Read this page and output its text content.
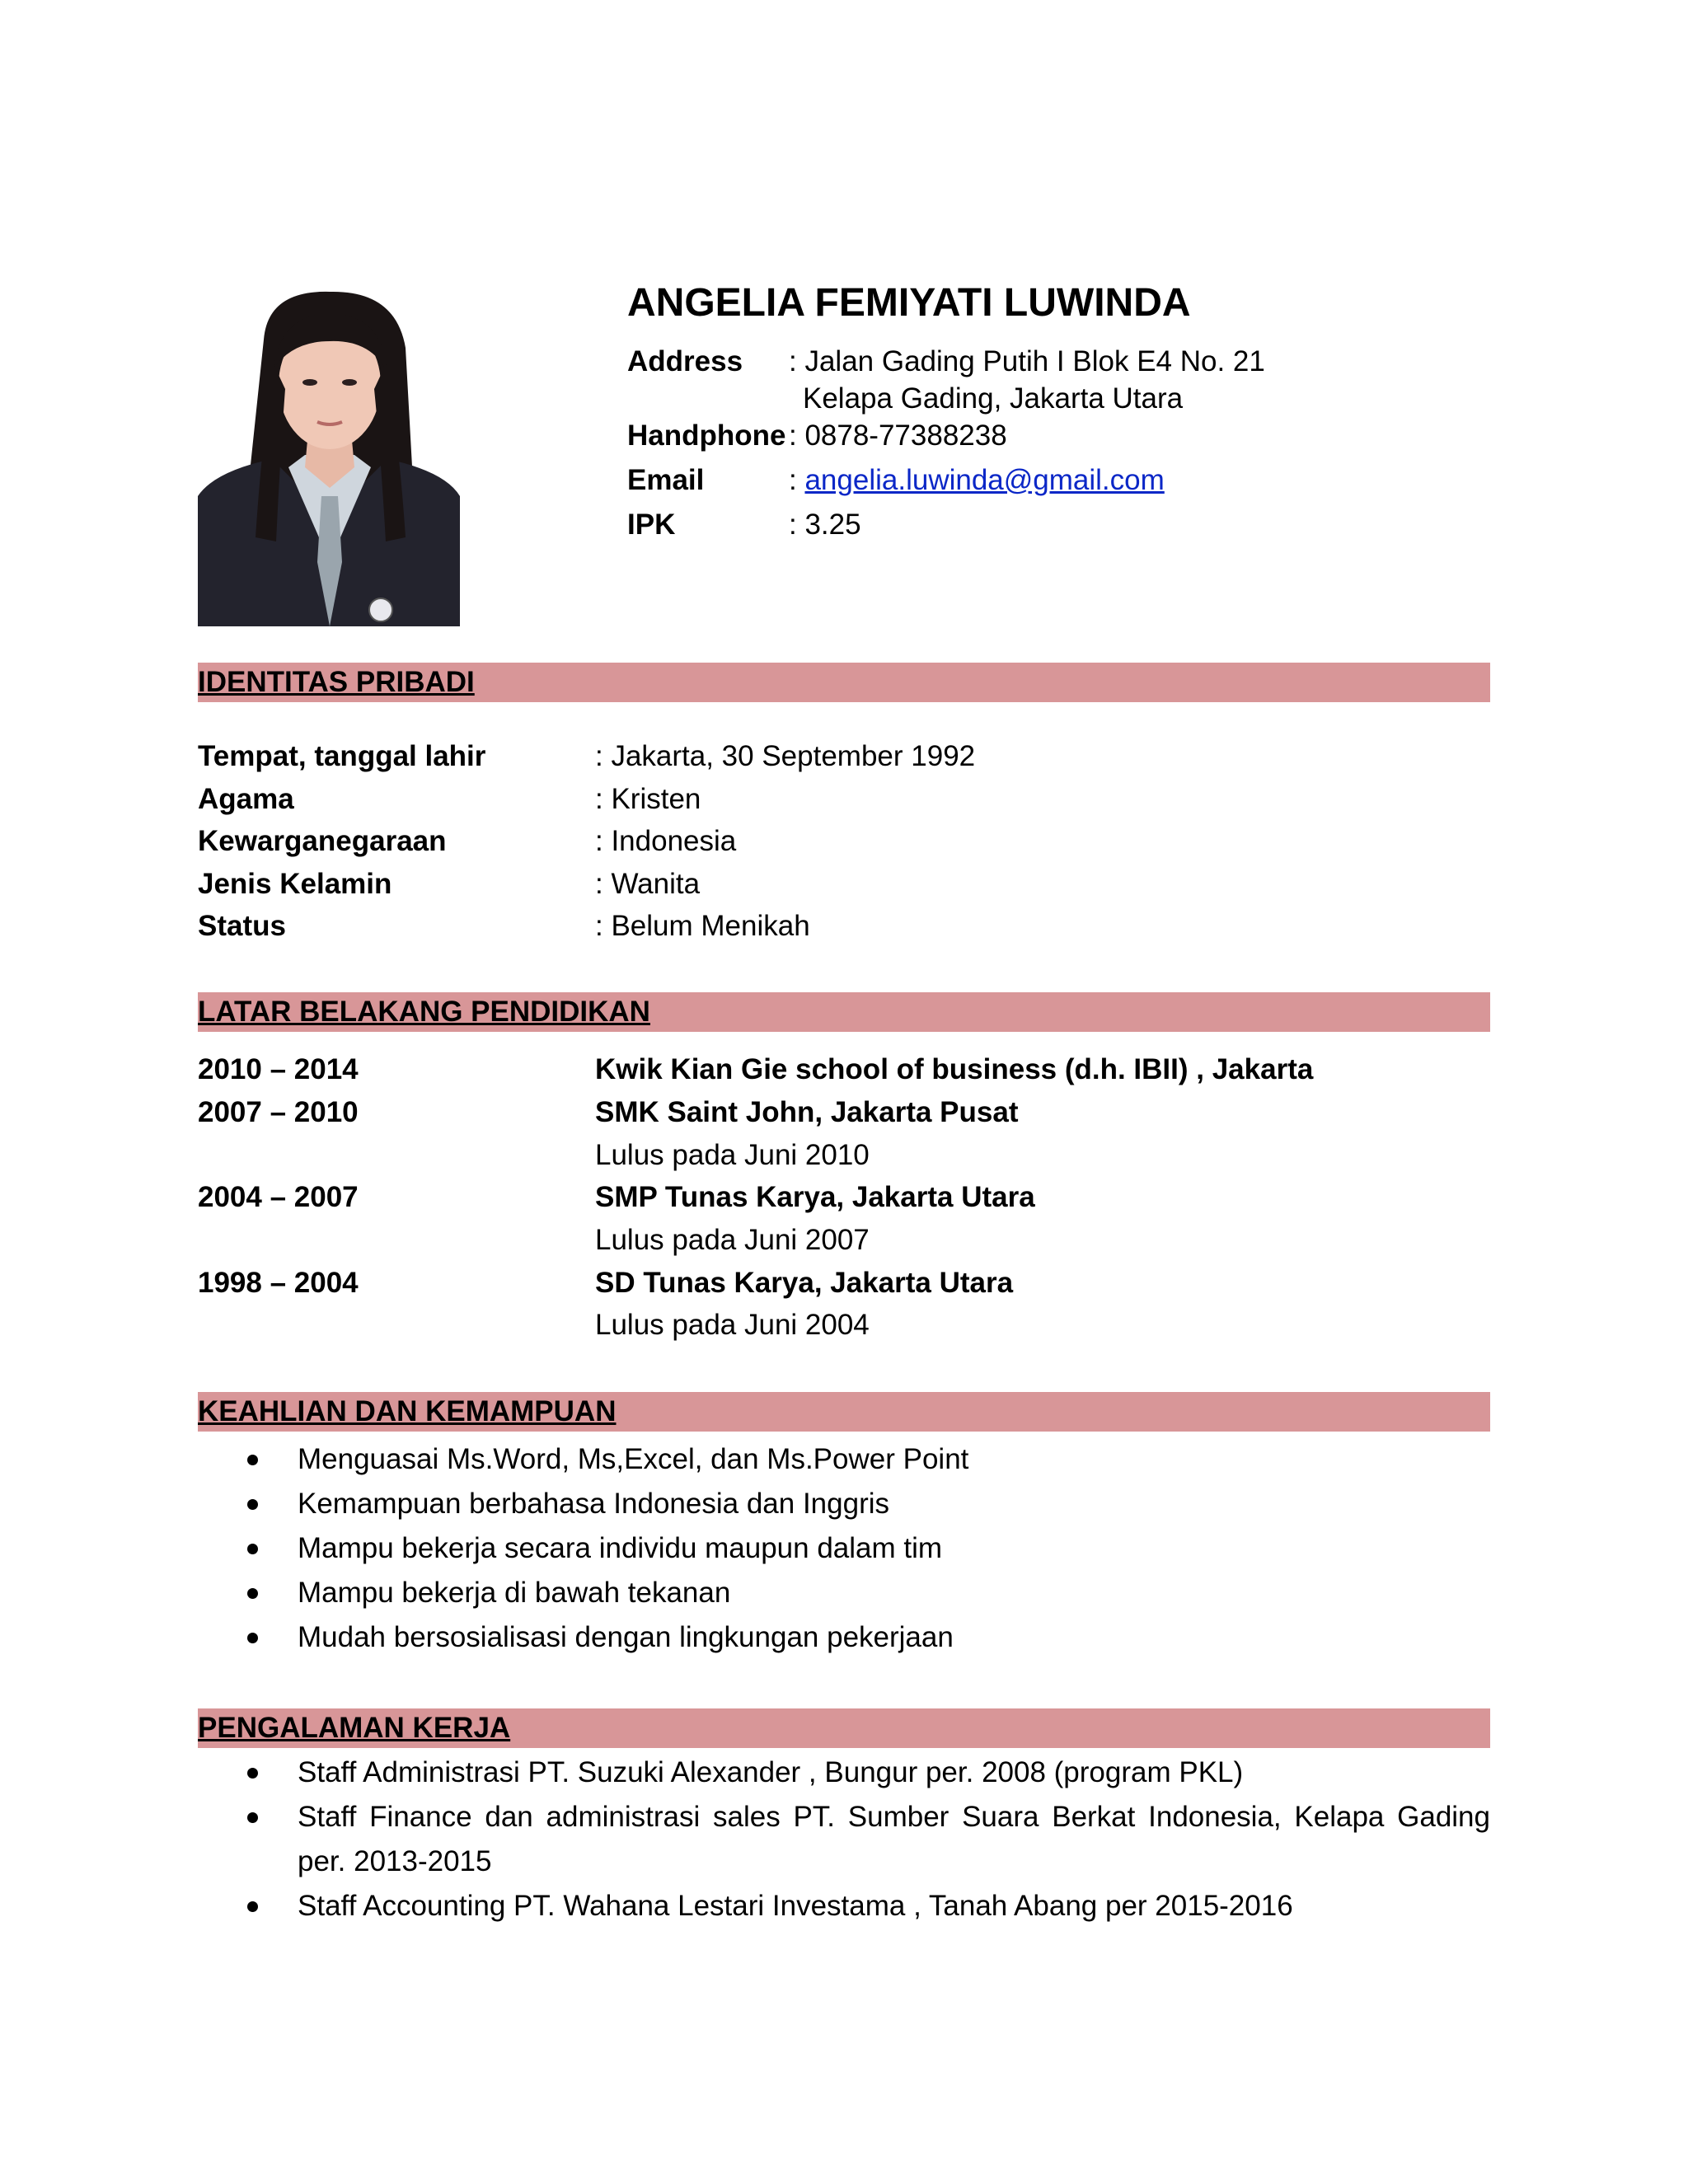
ANGELIA FEMIYATI LUWINDA
Address : Jalan Gading Putih I Blok E4 No. 21
Kelapa Gading, Jakarta Utara
Handphone : 0878-77388238
Email	: angelia.luwinda@gmail.com
IPK	: 3.25
IDENTITAS PRIBADI
Tempat, tanggal lahir	: Jakarta, 30 September 1992
Agama	: Kristen
Kewarganegaraan	: Indonesia
Jenis Kelamin	: Wanita
Status	: Belum Menikah
LATAR BELAKANG PENDIDIKAN
2010 – 2014	Kwik Kian Gie school of business (d.h. IBII) , Jakarta
2007 – 2010	SMK Saint John, Jakarta Pusat
Lulus pada Juni 2010
2004 – 2007	SMP Tunas Karya, Jakarta Utara
Lulus pada Juni 2007
1998 – 2004	SD Tunas Karya, Jakarta Utara
Lulus pada Juni 2004
KEAHLIAN DAN KEMAMPUAN
Menguasai Ms.Word, Ms,Excel, dan Ms.Power Point
Kemampuan berbahasa Indonesia dan Inggris
Mampu bekerja secara individu maupun dalam tim
Mampu bekerja di bawah tekanan
Mudah bersosialisasi dengan lingkungan pekerjaan
PENGALAMAN KERJA
Staff Administrasi PT. Suzuki Alexander , Bungur per. 2008 (program PKL)
Staff Finance dan administrasi sales PT. Sumber Suara Berkat Indonesia, Kelapa Gading per. 2013-2015
Staff Accounting PT. Wahana Lestari Investama , Tanah Abang per 2015-2016
